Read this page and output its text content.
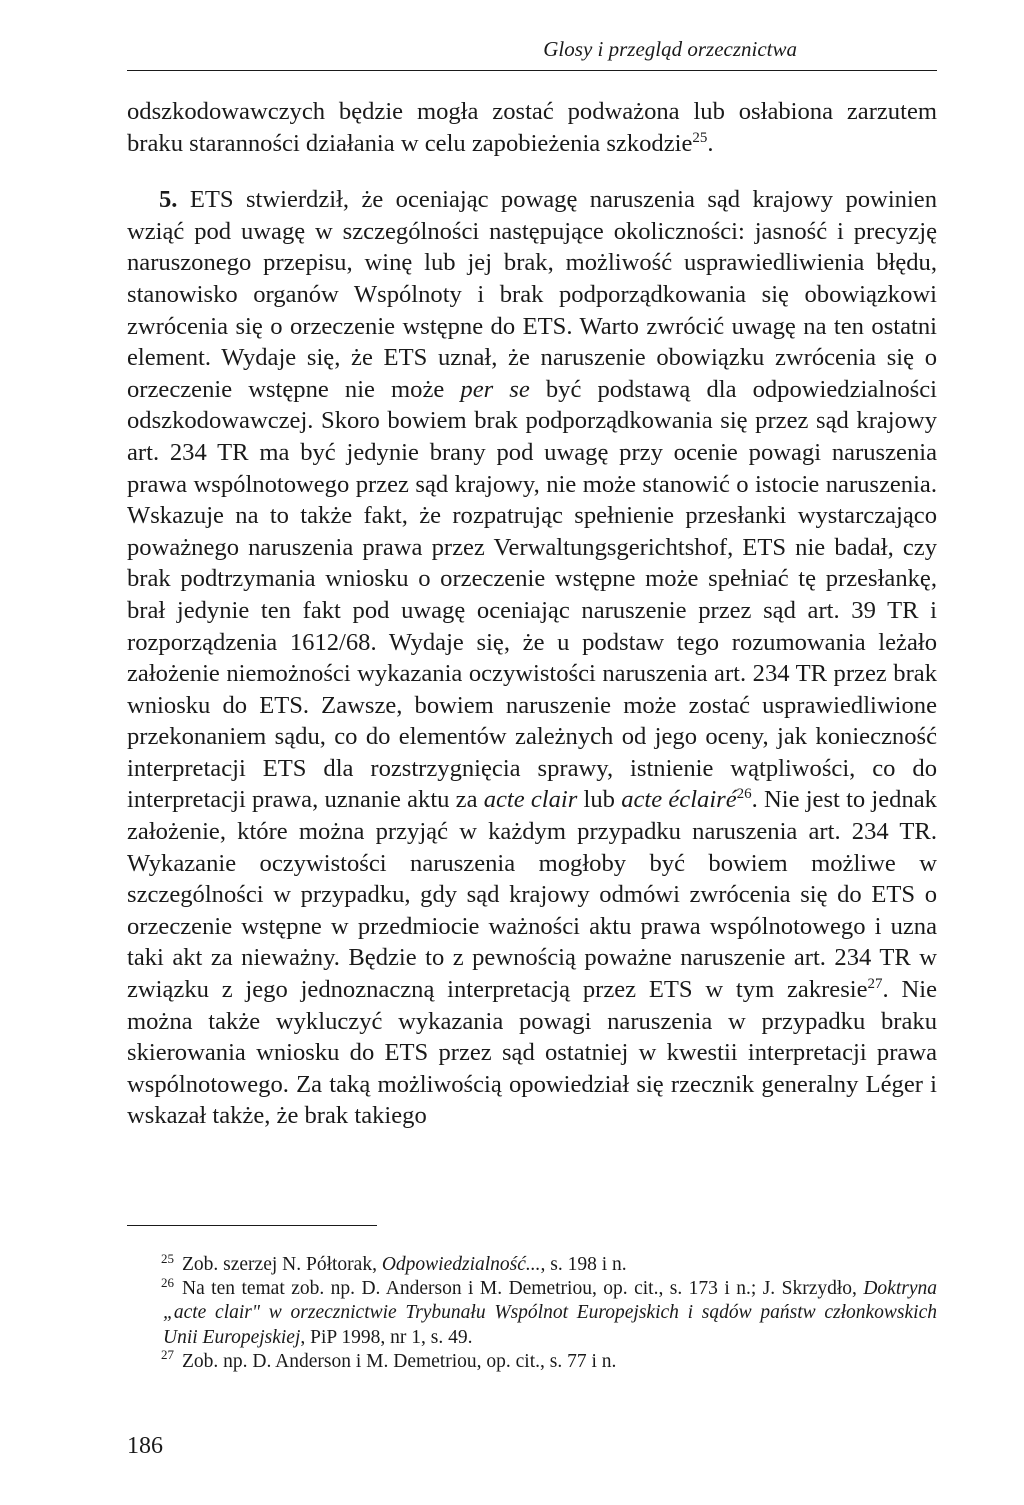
Glosy i przegląd orzecznictwa

odszkodowawczych będzie mogła zostać podważona lub osłabiona zarzutem braku staranności działania w celu zapobieżenia szkodzie$^{25}$.

5. ETS stwierdził, że oceniając powagę naruszenia sąd krajowy powinien wziąć pod uwagę w szczególności następujące okoliczności: jasność i precyzję naruszonego przepisu, winę lub jej brak, możliwość usprawiedliwienia błędu, stanowisko organów Wspólnoty i brak podporządkowania się obowiązkowi zwrócenia się o orzeczenie wstępne do ETS. Warto zwrócić uwagę na ten ostatni element. Wydaje się, że ETS uznał, że naruszenie obowiązku zwrócenia się o orzeczenie wstępne nie może per se być podstawą dla odpowiedzialności odszkodowawczej. Skoro bowiem brak podporządkowania się przez sąd krajowy art. 234 TR ma być jedynie brany pod uwagę przy ocenie powagi naruszenia prawa wspólnotowego przez sąd krajowy, nie może stanowić o istocie naruszenia. Wskazuje na to także fakt, że rozpatrując spełnienie przesłanki wystarczająco poważnego naruszenia prawa przez Verwaltungsgerichtshof, ETS nie badał, czy brak podtrzymania wniosku o orzeczenie wstępne może spełniać tę przesłankę, brał jedynie ten fakt pod uwagę oceniając naruszenie przez sąd art. 39 TR i rozporządzenia 1612/68. Wydaje się, że u podstaw tego rozumowania leżało założenie niemożności wykazania oczywistości naruszenia art. 234 TR przez brak wniosku do ETS. Zawsze, bowiem naruszenie może zostać usprawiedliwione przekonaniem sądu, co do elementów zależnych od jego oceny, jak konieczność interpretacji ETS dla rozstrzygnięcia sprawy, istnienie wątpliwości, co do interpretacji prawa, uznanie aktu za acte clair lub acte éclairé$^{26}$. Nie jest to jednak założenie, które można przyjąć w każdym przypadku naruszenia art. 234 TR. Wykazanie oczywistości naruszenia mogłoby być bowiem możliwe w szczególności w przypadku, gdy sąd krajowy odmówi zwrócenia się do ETS o orzeczenie wstępne w przedmiocie ważności aktu prawa wspólnotowego i uzna taki akt za nieważny. Będzie to z pewnością poważne naruszenie art. 234 TR w związku z jego jednoznaczną interpretacją przez ETS w tym zakresie$^{27}$. Nie można także wykluczyć wykazania powagi naruszenia w przypadku braku skierowania wniosku do ETS przez sąd ostatniej w kwestii interpretacji prawa wspólnotowego. Za taką możliwością opowiedział się rzecznik generalny Léger i wskazał także, że brak takiego

$^{25}$ Zob. szerzej N. Półtorak, Odpowiedzialność..., s. 198 i n.

$^{26}$ Na ten temat zob. np. D. Anderson i M. Demetriou, op. cit., s. 173 i n.; J. Skrzydło, Doktryna „acte clair" w orzecznictwie Trybunału Wspólnot Europejskich i sądów państw członkowskich Unii Europejskiej, PiP 1998, nr 1, s. 49.

$^{27}$ Zob. np. D. Anderson i M. Demetriou, op. cit., s. 77 i n.

186
